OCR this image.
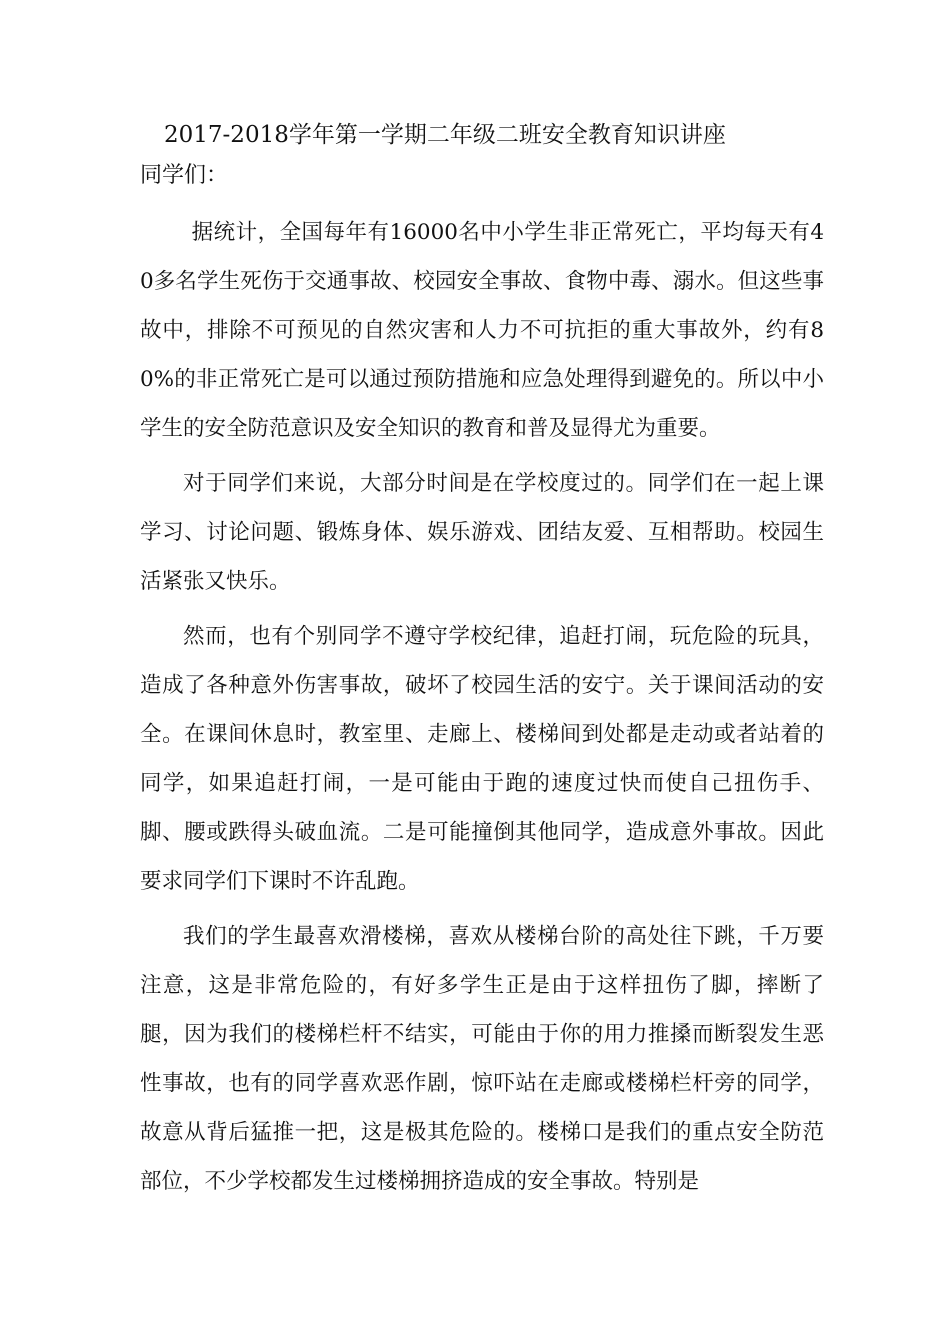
2017-2018学年第一学期二年级二班安全教育知识讲座

同学们：

据统计，全国每年有16000名中小学生非正常死亡，平均每天有40多名学生死伤于交通事故、校园安全事故、食物中毒、溺水。但这些事故中，排除不可预见的自然灾害和人力不可抗拒的重大事故外，约有80%的非正常死亡是可以通过预防措施和应急处理得到避免的。所以中小学生的安全防范意识及安全知识的教育和普及显得尤为重要。

对于同学们来说，大部分时间是在学校度过的。同学们在一起上课学习、讨论问题、锻炼身体、娱乐游戏、团结友爱、互相帮助。校园生活紧张又快乐。

然而，也有个别同学不遵守学校纪律，追赶打闹，玩危险的玩具，造成了各种意外伤害事故，破坏了校园生活的安宁。关于课间活动的安全。在课间休息时，教室里、走廊上、楼梯间到处都是走动或者站着的同学，如果追赶打闹，一是可能由于跑的速度过快而使自己扭伤手、脚、腰或跌得头破血流。二是可能撞倒其他同学，造成意外事故。因此要求同学们下课时不许乱跑。

我们的学生最喜欢滑楼梯，喜欢从楼梯台阶的高处往下跳，千万要注意，这是非常危险的，有好多学生正是由于这样扭伤了脚，摔断了腿，因为我们的楼梯栏杆不结实，可能由于你的用力推搡而断裂发生恶性事故，也有的同学喜欢恶作剧，惊吓站在走廊或楼梯栏杆旁的同学，故意从背后猛推一把，这是极其危险的。楼梯口是我们的重点安全防范部位，不少学校都发生过楼梯拥挤造成的安全事故。特别是
